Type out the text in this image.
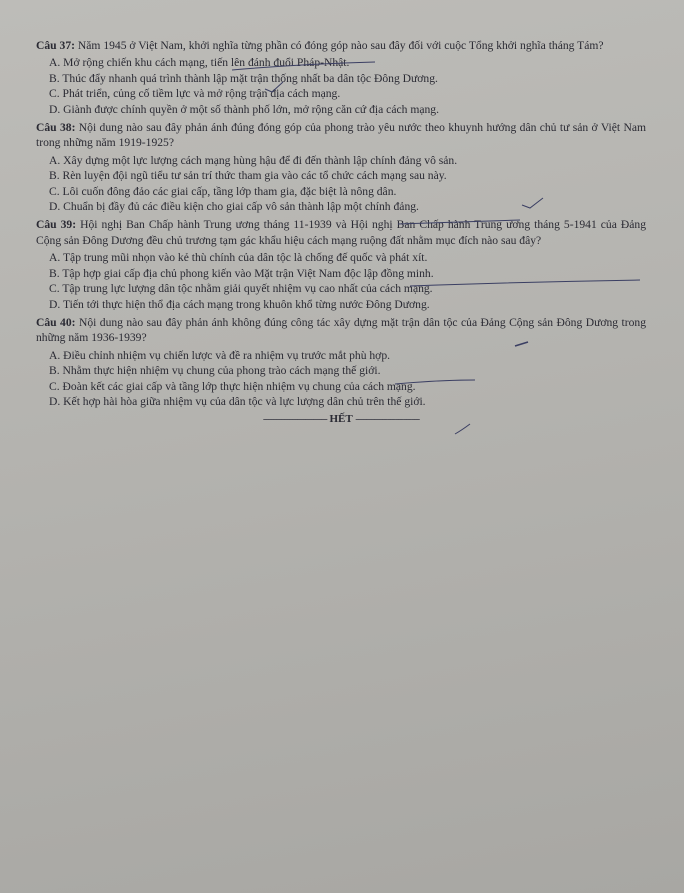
Câu 37: Năm 1945 ở Việt Nam, khởi nghĩa từng phần có đóng góp nào sau đây đối với cuộc Tổng khởi nghĩa tháng Tám?

A. Mở rộng chiến khu cách mạng, tiến lên đánh đuổi Pháp-Nhật.
B. Thúc đẩy nhanh quá trình thành lập mặt trận thống nhất ba dân tộc Đông Dương.
C. Phát triển, củng cố tiềm lực và mở rộng trận địa cách mạng.
D. Giành được chính quyền ở một số thành phố lớn, mở rộng căn cứ địa cách mạng.

Câu 38: Nội dung nào sau đây phản ánh đúng đóng góp của phong trào yêu nước theo khuynh hướng dân chủ tư sản ở Việt Nam trong những năm 1919-1925?

A. Xây dựng một lực lượng cách mạng hùng hậu để đi đến thành lập chính đảng vô sản.
B. Rèn luyện đội ngũ tiểu tư sản trí thức tham gia vào các tổ chức cách mạng sau này.
C. Lôi cuốn đông đảo các giai cấp, tầng lớp tham gia, đặc biệt là nông dân.
D. Chuẩn bị đầy đủ các điều kiện cho giai cấp vô sản thành lập một chính đảng.

Câu 39: Hội nghị Ban Chấp hành Trung ương tháng 11-1939 và Hội nghị Ban Chấp hành Trung ương tháng 5-1941 của Đảng Cộng sản Đông Dương đều chủ trương tạm gác khẩu hiệu cách mạng ruộng đất nhằm mục đích nào sau đây?

A. Tập trung mũi nhọn vào kẻ thù chính của dân tộc là chống đế quốc và phát xít.
B. Tập hợp giai cấp địa chủ phong kiến vào Mặt trận Việt Nam độc lập đồng minh.
C. Tập trung lực lượng dân tộc nhằm giải quyết nhiệm vụ cao nhất của cách mạng.
D. Tiến tới thực hiện thổ địa cách mạng trong khuôn khổ từng nước Đông Dương.

Câu 40: Nội dung nào sau đây phản ánh không đúng công tác xây dựng mặt trận dân tộc của Đảng Cộng sản Đông Dương trong những năm 1936-1939?

A. Điều chỉnh nhiệm vụ chiến lược và đề ra nhiệm vụ trước mắt phù hợp.
B. Nhằm thực hiện nhiệm vụ chung của phong trào cách mạng thế giới.
C. Đoàn kết các giai cấp và tầng lớp thực hiện nhiệm vụ chung của cách mạng.
D. Kết hợp hài hòa giữa nhiệm vụ của dân tộc và lực lượng dân chủ trên thế giới.
------------------------ HẾT ------------------------
